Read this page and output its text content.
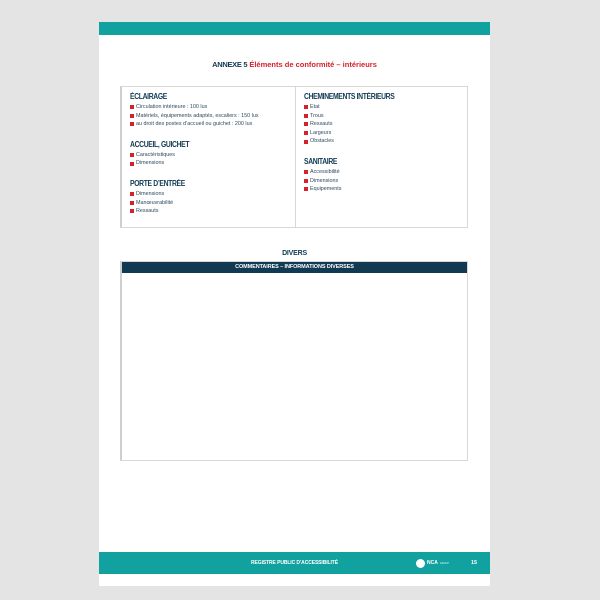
ANNEXE 5 Éléments de conformité – intérieurs
ÉCLAIRAGE
Circulation intérieure : 100 lux
Matériels, équipements adaptés, escaliers : 150 lux
au droit des postes d’accueil ou guichet : 200 lux
ACCUEIL, GUICHET
Caractéristiques
Dimensions
PORTE D’ENTRÉE
Dimensions
Manœuvrabilité
Ressauts
CHEMINEMENTS INTÉRIEURS
Etat
Trous
Ressauts
Largeurs
Obstacles
SANITAIRE
Accessibilité
Dimensions
Equipements
DIVERS
COMMENTAIRES – INFORMATIONS DIVERSES
REGISTRE PUBLIC D’ACCESSIBILITÉ	NCA GROUP	15
